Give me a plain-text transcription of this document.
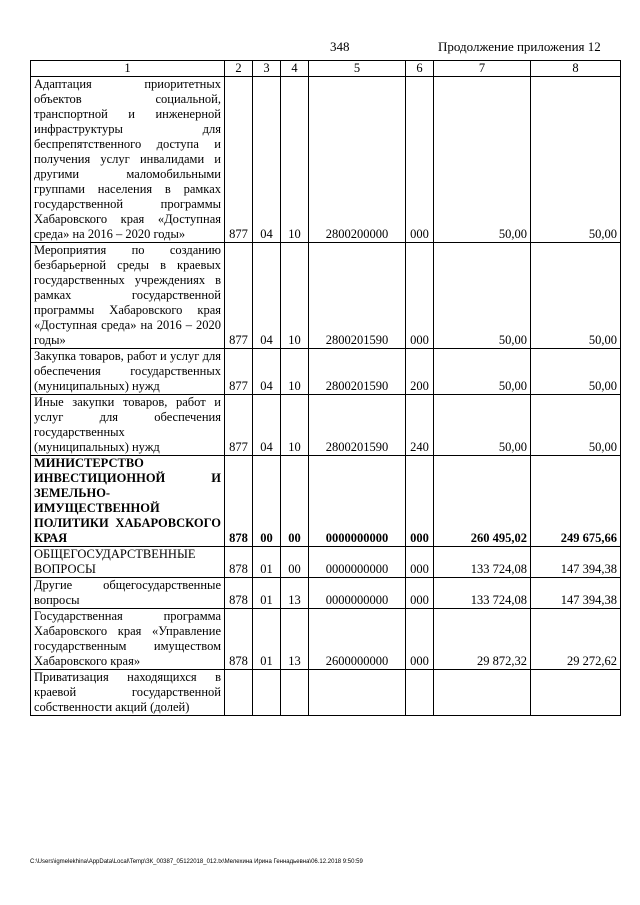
348	Продолжение приложения 12
1	2	3	4	5	6	7	8
Адаптация приоритетных объектов социальной, транспортной и инженерной инфраструктуры для беспрепятственного доступа и получения услуг инвалидами и другими маломобильными группами населения в рамках государственной программы Хабаровского края «Доступная среда» на 2016 – 2020 годы»	877	04	10	2800200000	000	50,00	50,00
Мероприятия по созданию безбарьерной среды в краевых государственных учреждениях в рамках государственной программы Хабаровского края «Доступная среда» на 2016 – 2020 годы»	877	04	10	2800201590	000	50,00	50,00
Закупка товаров, работ и услуг для обеспечения государственных (муниципальных) нужд	877	04	10	2800201590	200	50,00	50,00
Иные закупки товаров, работ и услуг для обеспечения государственных (муниципальных) нужд	877	04	10	2800201590	240	50,00	50,00
МИНИСТЕРСТВО ИНВЕСТИЦИОННОЙ И ЗЕМЕЛЬНО-ИМУЩЕСТВЕННОЙ ПОЛИТИКИ ХАБАРОВСКОГО КРАЯ	878	00	00	0000000000	000	260 495,02	249 675,66
ОБЩЕГОСУДАРСТВЕННЫЕ ВОПРОСЫ	878	01	00	0000000000	000	133 724,08	147 394,38
Другие общегосударственные вопросы	878	01	13	0000000000	000	133 724,08	147 394,38
Государственная программа Хабаровского края «Управление государственным имуществом Хабаровского края»	878	01	13	2600000000	000	29 872,32	29 272,62
Приватизация находящихся в краевой государственной собственности акций (долей)							
C:\Users\igmelekhina\AppData\Local\Temp\ЗК_00387_05122018_012.tx\Мелехина Ирина Геннадьевна\06.12.2018 9:50:59
